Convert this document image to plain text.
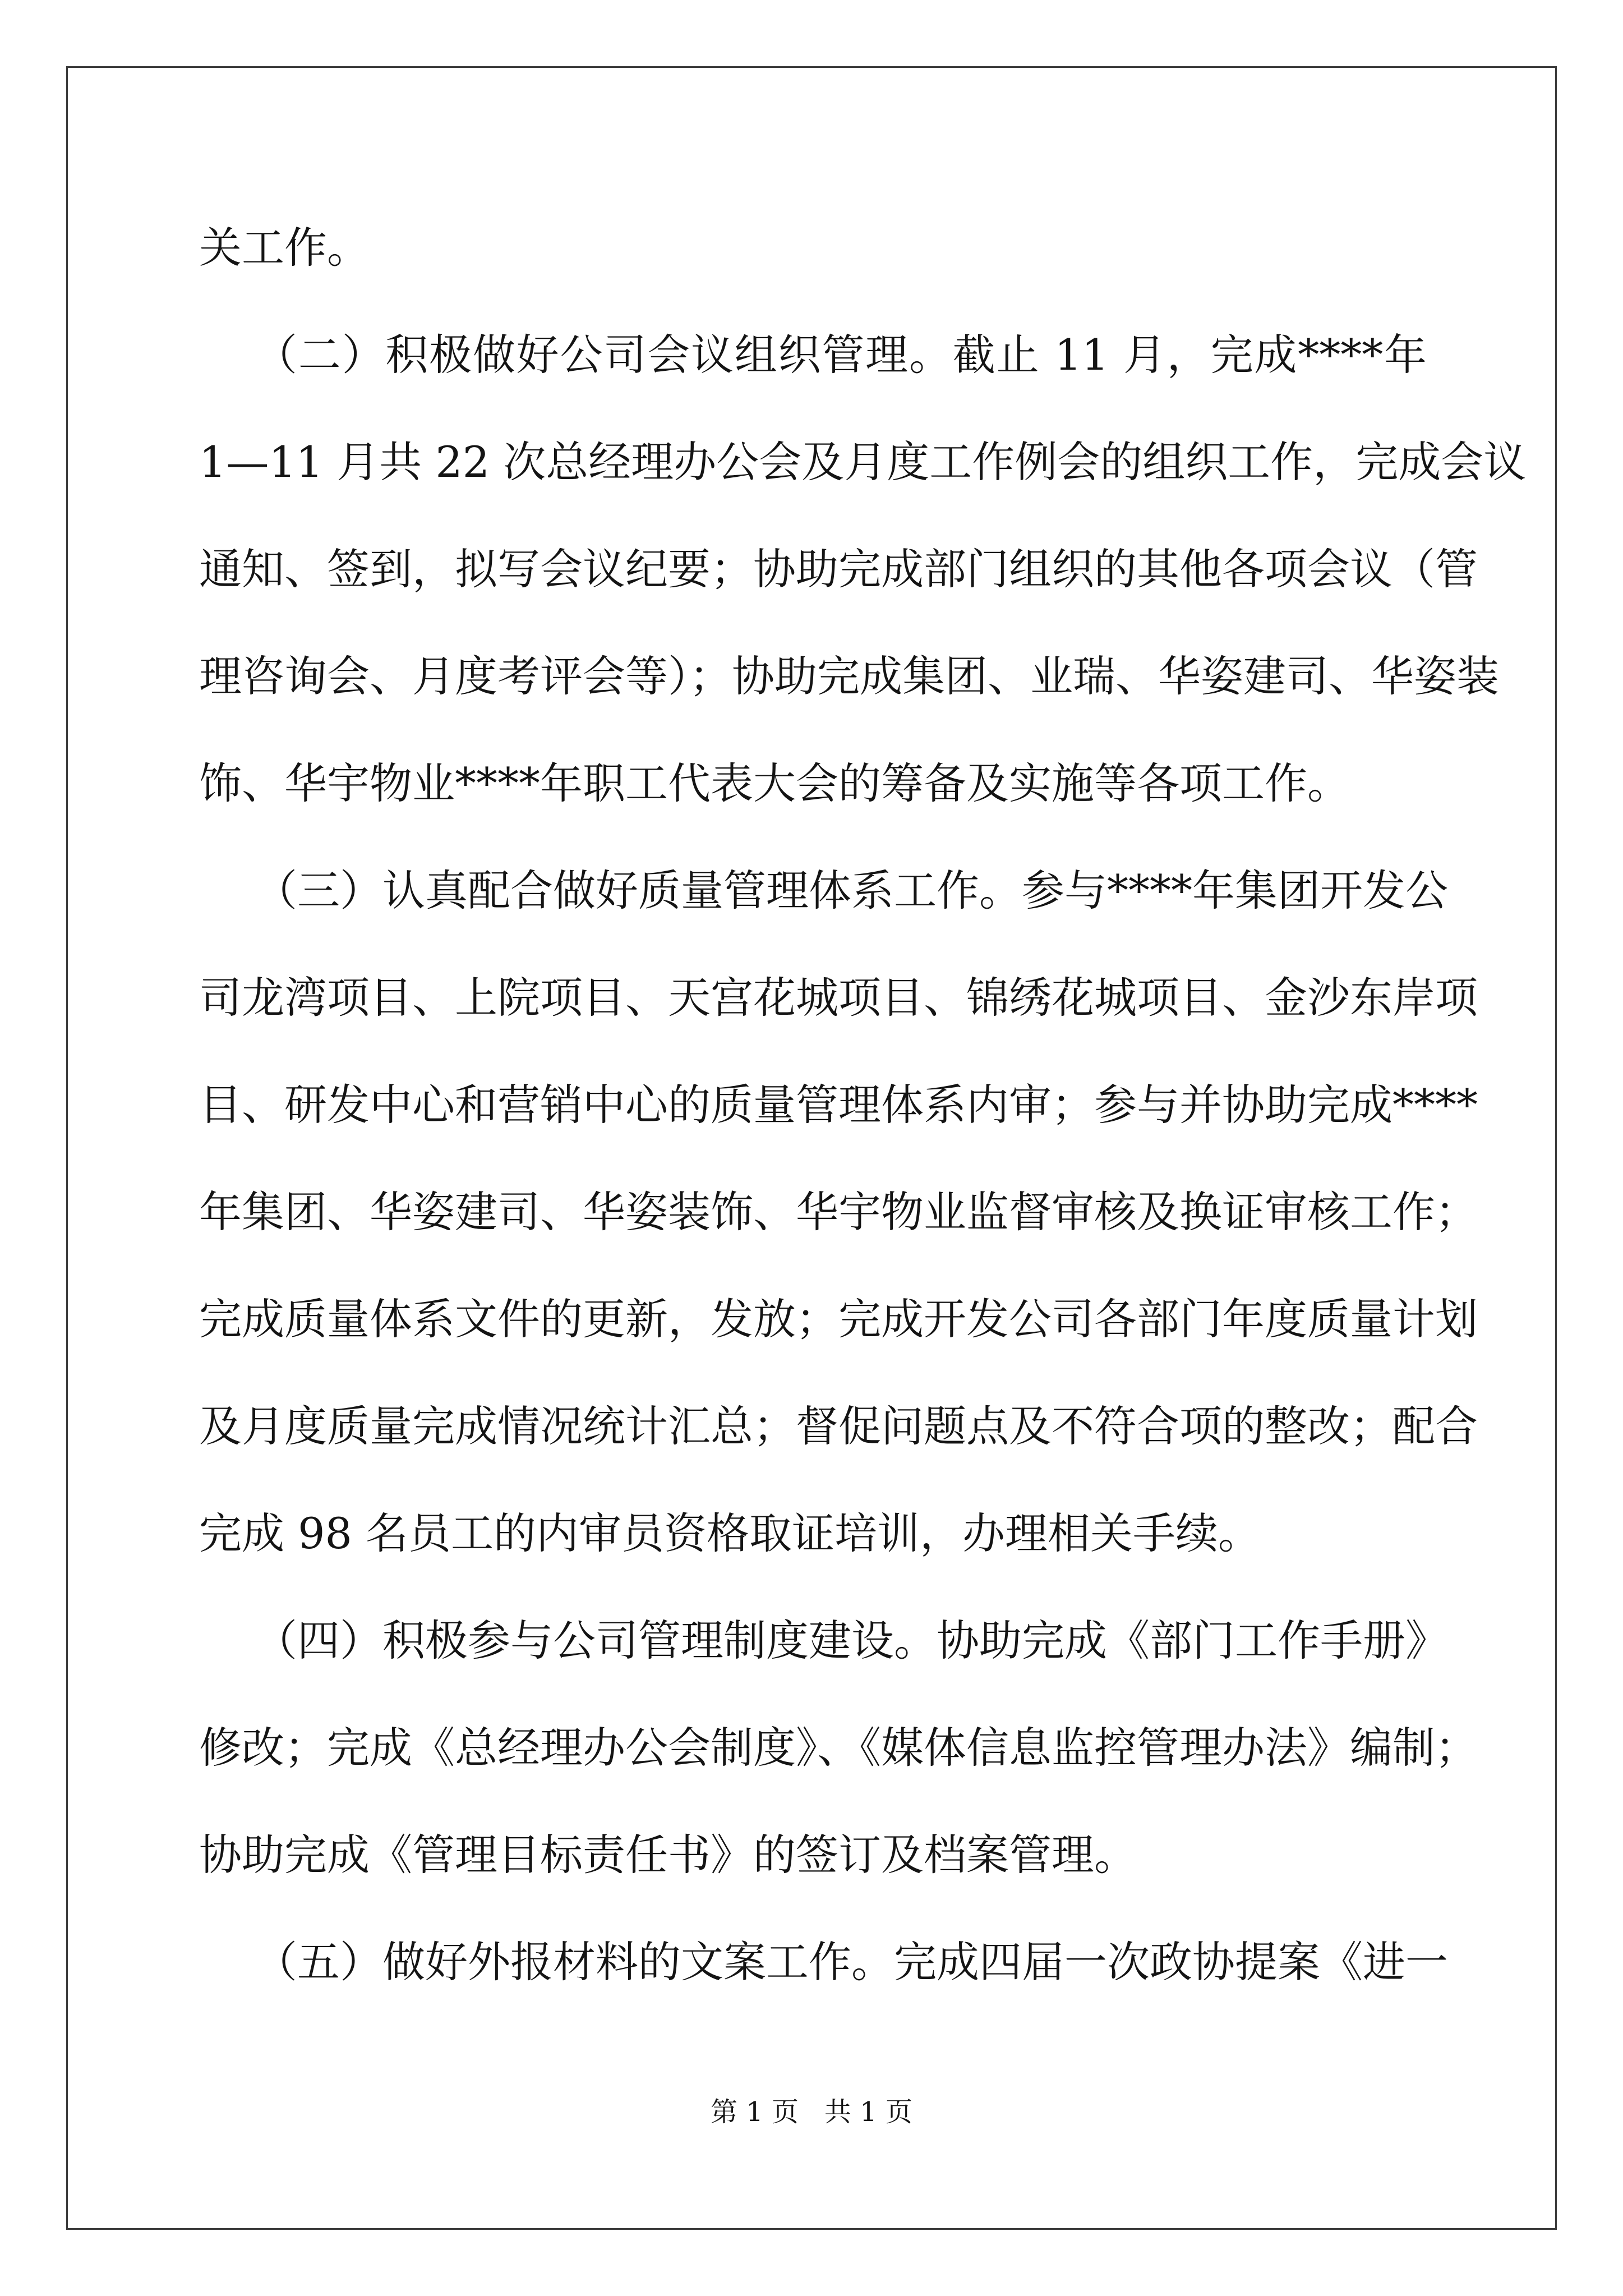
关工作。

（二）积极做好公司会议组织管理。截止 11 月，完成****年

1—11 月共 22 次总经理办公会及月度工作例会的组织工作，完成会议

通知、签到，拟写会议纪要；协助完成部门组织的其他各项会议（管

理咨询会、月度考评会等）；协助完成集团、业瑞、华姿建司、华姿装

饰、华宇物业****年职工代表大会的筹备及实施等各项工作。

（三）认真配合做好质量管理体系工作。参与****年集团开发公

司龙湾项目、上院项目、天宫花城项目、锦绣花城项目、金沙东岸项

目、研发中心和营销中心的质量管理体系内审；参与并协助完成****

年集团、华姿建司、华姿装饰、华宇物业监督审核及换证审核工作；

完成质量体系文件的更新，发放；完成开发公司各部门年度质量计划

及月度质量完成情况统计汇总；督促问题点及不符合项的整改；配合

完成 98 名员工的内审员资格取证培训，办理相关手续。

（四）积极参与公司管理制度建设。协助完成《部门工作手册》

修改；完成《总经理办公会制度》、《媒体信息监控管理办法》编制；

协助完成《管理目标责任书》的签订及档案管理。

（五）做好外报材料的文案工作。完成四届一次政协提案《进一

第 1 页 共 1 页
